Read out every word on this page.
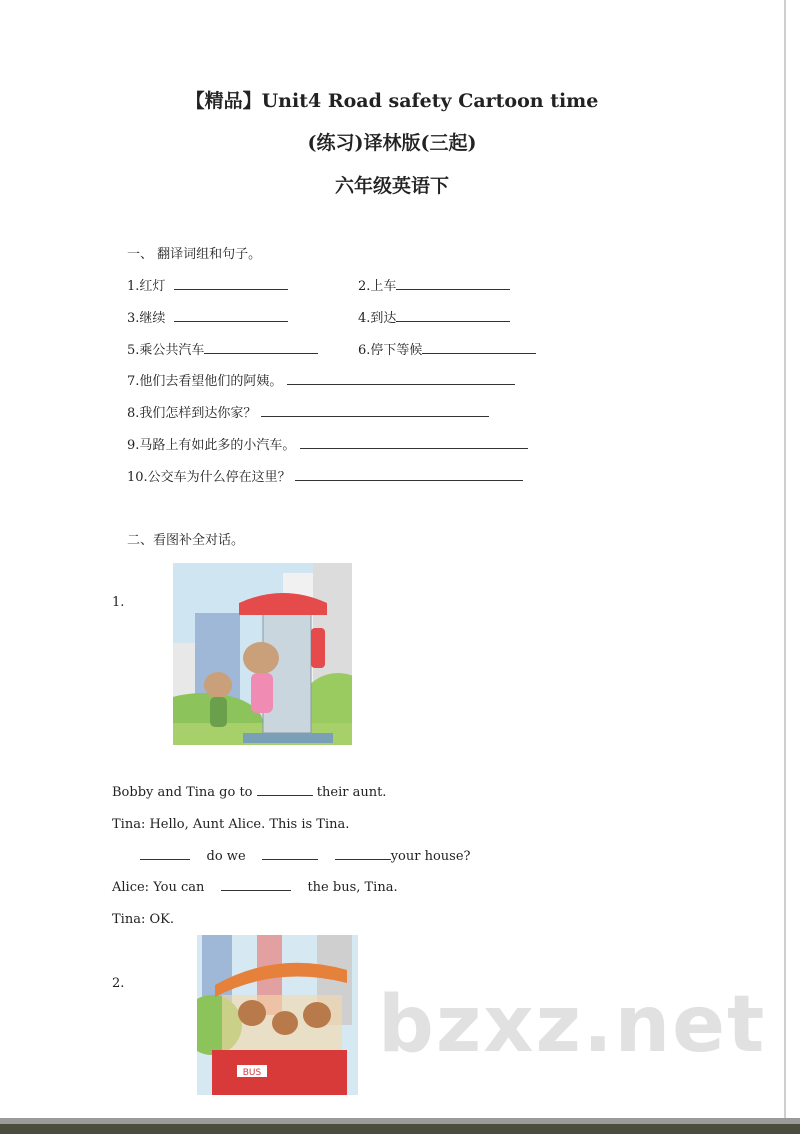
【精品】Unit4 Road safety Cartoon time
(练习)译林版(三起)
六年级英语下
一、 翻译词组和句子。
1.红灯	2.上车
3.继续	4.到达
5.乘公共汽车	6.停下等候
7.他们去看望他们的阿姨。
8.我们怎样到达你家？
9.马路上有如此多的小汽车。
10.公交车为什么停在这里？
二、看图补全对话。
1.
Bobby and Tina go to	their aunt.
Tina: Hello, Aunt Alice. This is Tina.
do we	your house?
Alice: You can	the bus, Tina.
Tina: OK.
2.
BUS
bzxz.net
